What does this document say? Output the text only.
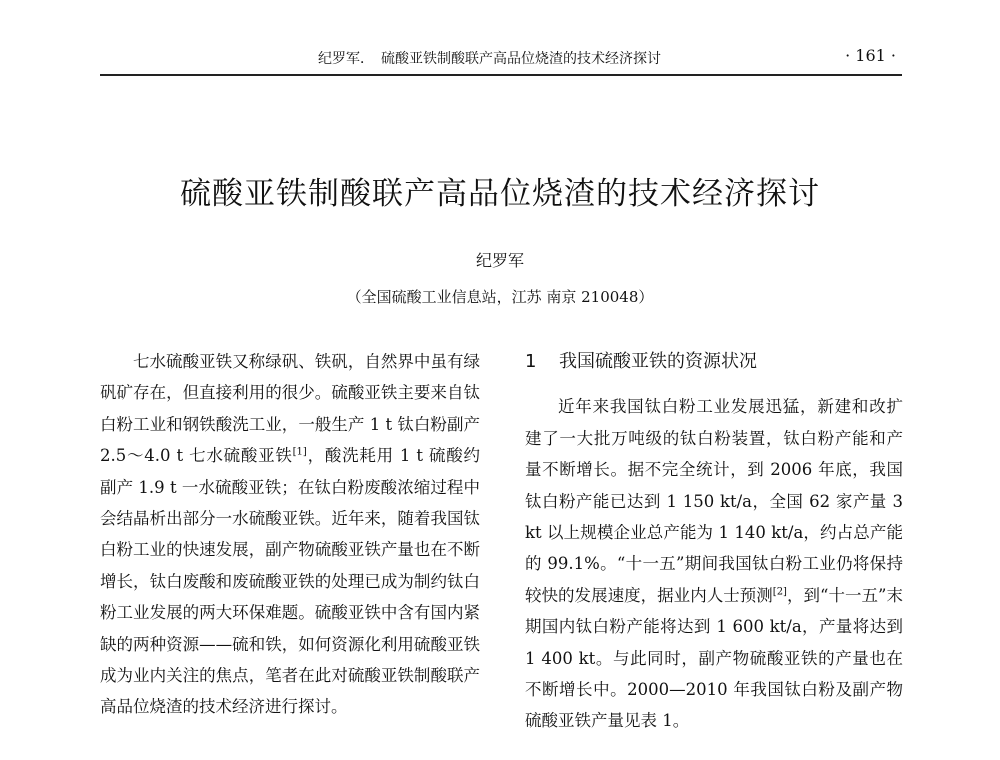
纪罗军．　硫酸亚铁制酸联产高品位烧渣的技术经济探讨	· 161 ·
硫酸亚铁制酸联产高品位烧渣的技术经济探讨
纪罗军
（全国硫酸工业信息站，江苏 南京 210048）

七水硫酸亚铁又称绿矾、铁矾，自然界中虽有绿矾矿存在，但直接利用的很少。硫酸亚铁主要来自钛白粉工业和钢铁酸洗工业，一般生产 1 t 钛白粉副产 2.5～4.0 t 七水硫酸亚铁[1]，酸洗耗用 1 t 硫酸约副产 1.9 t 一水硫酸亚铁；在钛白粉废酸浓缩过程中会结晶析出部分一水硫酸亚铁。近年来，随着我国钛白粉工业的快速发展，副产物硫酸亚铁产量也在不断增长，钛白废酸和废硫酸亚铁的处理已成为制约钛白粉工业发展的两大环保难题。硫酸亚铁中含有国内紧缺的两种资源——硫和铁，如何资源化利用硫酸亚铁成为业内关注的焦点，笔者在此对硫酸亚铁制酸联产高品位烧渣的技术经济进行探讨。

1 我国硫酸亚铁的资源状况

近年来我国钛白粉工业发展迅猛，新建和改扩建了一大批万吨级的钛白粉装置，钛白粉产能和产量不断增长。据不完全统计，到 2006 年底，我国钛白粉产能已达到 1 150 kt/a，全国 62 家产量 3 kt 以上规模企业总产能为 1 140 kt/a，约占总产能的 99.1%。“十一五”期间我国钛白粉工业仍将保持较快的发展速度，据业内人士预测[2]，到“十一五”末期国内钛白粉产能将达到 1 600 kt/a，产量将达到 1 400 kt。与此同时，副产物硫酸亚铁的产量也在不断增长中。2000—2010 年我国钛白粉及副产物硫酸亚铁产量见表 1。
